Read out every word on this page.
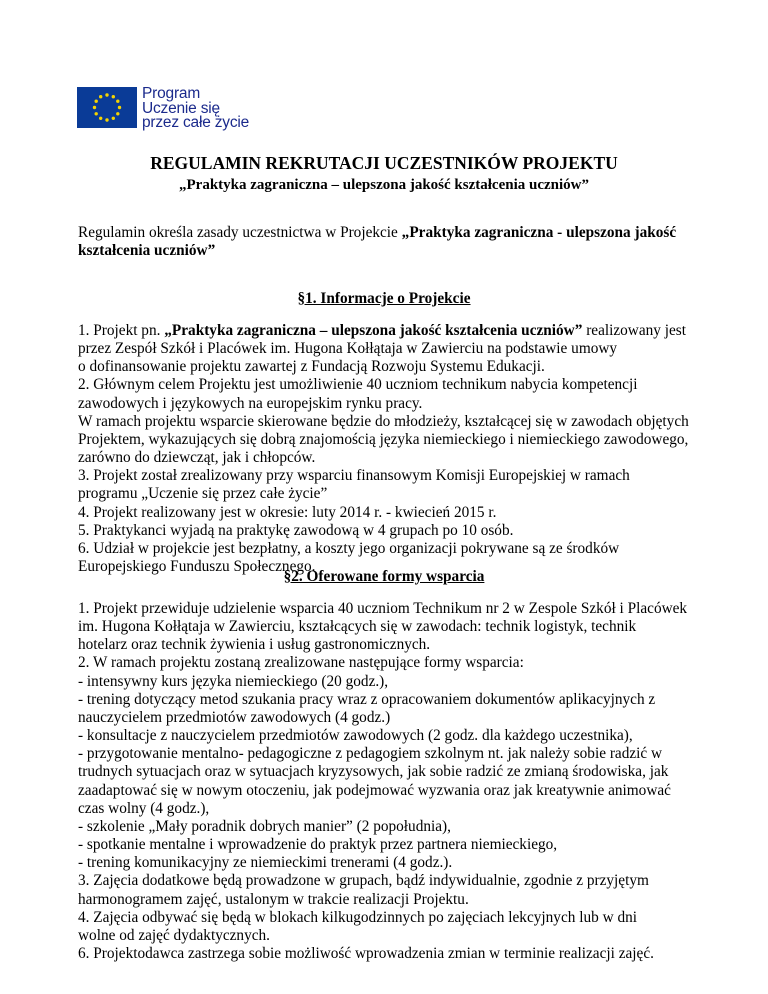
Program
Uczenie się
przez całe życie
REGULAMIN REKRUTACJI UCZESTNIKÓW PROJEKTU
„Praktyka zagraniczna – ulepszona jakość kształcenia uczniów”
Regulamin określa zasady uczestnictwa w Projekcie „Praktyka zagraniczna - ulepszona jakość kształcenia uczniów”
§1. Informacje o Projekcie

1. Projekt pn. „Praktyka zagraniczna – ulepszona jakość kształcenia uczniów” realizowany jest

przez Zespół Szkół i Placówek im. Hugona Kołłątaja w Zawierciu na podstawie umowy

o dofinansowanie projektu zawartej z Fundacją Rozwoju Systemu Edukacji.

2. Głównym celem Projektu jest umożliwienie 40 uczniom technikum nabycia kompetencji

zawodowych i językowych na europejskim rynku pracy.

W ramach projektu wsparcie skierowane będzie do młodzieży, kształcącej się w zawodach objętych

Projektem, wykazujących się dobrą znajomością języka niemieckiego i niemieckiego zawodowego,

zarówno do dziewcząt, jak i chłopców.

3. Projekt został zrealizowany przy wsparciu finansowym Komisji Europejskiej w ramach

programu „Uczenie się przez całe życie”

4. Projekt realizowany jest w okresie: luty 2014 r. - kwiecień 2015 r.

5. Praktykanci wyjadą na praktykę zawodową w 4 grupach po 10 osób.

6. Udział w projekcie jest bezpłatny, a koszty jego organizacji pokrywane są ze środków

Europejskiego Funduszu Społecznego.

§2. Oferowane formy wsparcia

1. Projekt przewiduje udzielenie wsparcia 40 uczniom Technikum nr 2 w Zespole Szkół i Placówek

im. Hugona Kołłątaja w Zawierciu, kształcących się w zawodach: technik logistyk, technik

hotelarz oraz technik żywienia i usług gastronomicznych.

2. W ramach projektu zostaną zrealizowane następujące formy wsparcia:

- intensywny kurs języka niemieckiego (20 godz.),

- trening dotyczący metod szukania pracy wraz z opracowaniem dokumentów aplikacyjnych z

nauczycielem przedmiotów zawodowych (4 godz.)

- konsultacje z nauczycielem przedmiotów zawodowych (2 godz. dla każdego uczestnika),

- przygotowanie mentalno- pedagogiczne z pedagogiem szkolnym nt. jak należy sobie radzić w

trudnych sytuacjach oraz w sytuacjach kryzysowych, jak sobie radzić ze zmianą środowiska, jak

zaadaptować się w nowym otoczeniu, jak podejmować wyzwania oraz jak kreatywnie animować

czas wolny (4 godz.),

- szkolenie „Mały poradnik dobrych manier” (2 popołudnia),

- spotkanie mentalne i wprowadzenie do praktyk przez partnera niemieckiego,

- trening komunikacyjny ze niemieckimi trenerami (4 godz.).

3. Zajęcia dodatkowe będą prowadzone w grupach, bądź indywidualnie, zgodnie z przyjętym

harmonogramem zajęć, ustalonym w trakcie realizacji Projektu.

4. Zajęcia odbywać się będą w blokach kilkugodzinnych po zajęciach lekcyjnych lub w dni

wolne od zajęć dydaktycznych.

6. Projektodawca zastrzega sobie możliwość wprowadzenia zmian w terminie realizacji zajęć.
